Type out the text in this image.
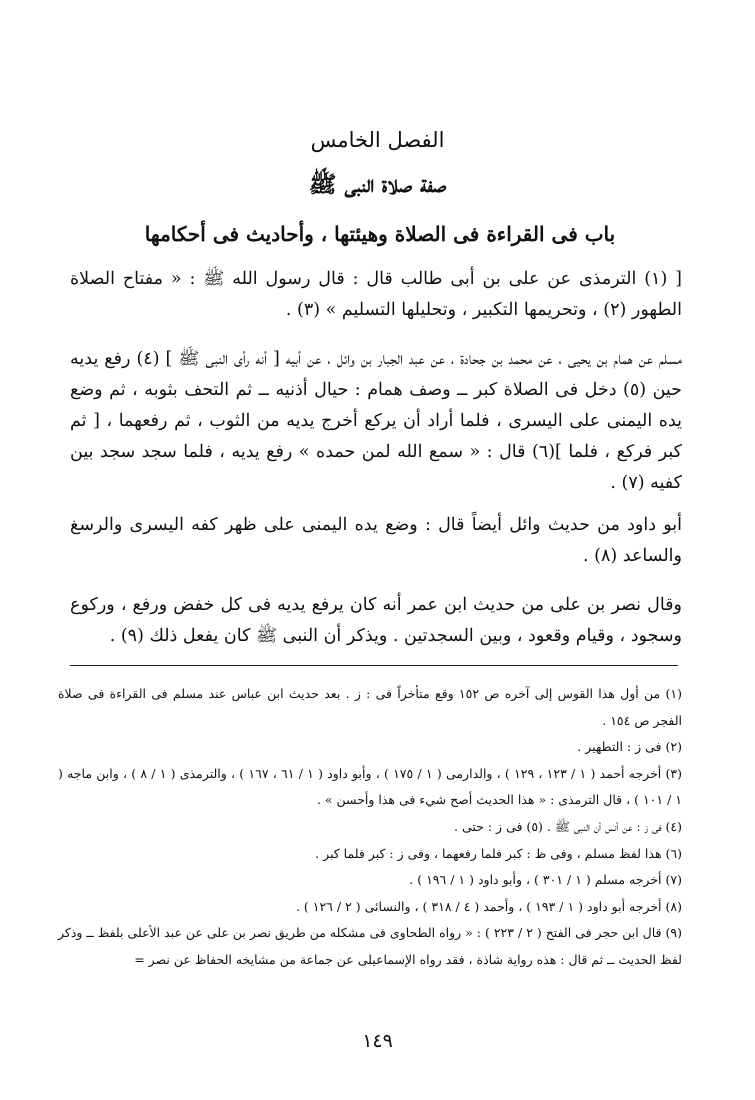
الفصل الخامس
صفة صلاة النبى ﷺ
باب فى القراءة فى الصلاة وهيئتها ، وأحاديث فى أحكامها

[ (١) الترمذى عن على بن أبى طالب قال : قال رسول الله ﷺ : « مفتاح الصلاة الطهور (٢) ، وتحريمها التكبير ، وتحليلها التسليم » (٣) .

مسلم عن همام بن يحيى ، عن محمد بن جحادة ، عن عبد الجبار بن وائل ، عن أبيه [ أنه رأى النبى ﷺ ] (٤) رفع يديه حين (٥) دخل فى الصلاة كبر ــ وصف همام : حيال أذنيه ــ ثم التحف بثوبه ، ثم وضع يده اليمنى على اليسرى ، فلما أراد أن يركع أخرج يديه من الثوب ، ثم رفعهما ، [ ثم كبر فركع ، فلما ](٦) قال : « سمع الله لمن حمده » رفع يديه ، فلما سجد سجد بين كفيه (٧) .

أبو داود من حديث وائل أيضاً قال : وضع يده اليمنى على ظهر كفه اليسرى والرسغ والساعد (٨) .

وقال نصر بن على من حديث ابن عمر أنه كان يرفع يديه فى كل خفض ورفع ، وركوع وسجود ، وقيام وقعود ، وبين السجدتين . ويذكر أن النبى ﷺ كان يفعل ذلك (٩) .

(١) من أول هذا القوس إلى آخره ص ١٥٢ وقع متأخراً فى : ز . بعد حديث ابن عباس عند مسلم فى القراءة فى صلاة الفجر ص ١٥٤ .
(٢) فى ز : التطهير .
(٣) أخرجه أحمد ( ١ / ١٢٣ ، ١٢٩ ) ، والدارمى ( ١ / ١٧٥ ) ، وأبو داود ( ١ / ٦١ ، ١٦٧ ) ، والترمذى ( ١ / ٨ ) ، وابن ماجه ( ١ / ١٠١ ) ، قال الترمذى : « هذا الحديث أصح شيء فى هذا وأحسن » .
(٤) فى ز : عن أنس أن النبى ﷺ . (٥) فى ز : حتى .
(٦) هذا لفظ مسلم ، وفى ظ : كبر فلما رفعهما ، وفى ز : كبر فلما كبر .
(٧) أخرجه مسلم ( ١ / ٣٠١ ) ، وأبو داود ( ١ / ١٩٦ ) .
(٨) أخرجه أبو داود ( ١ / ١٩٣ ) ، وأحمد ( ٤ / ٣١٨ ) ، والنسائى ( ٢ / ١٢٦ ) .
(٩) قال ابن حجر فى الفتح ( ٢ / ٢٢٣ ) : « رواه الطحاوى فى مشكله من طريق نصر بن على عن عبد الأعلى بلفظ ــ وذكر لفظ الحديث ــ ثم قال : هذه رواية شاذة ، فقد رواه الإسماعيلى عن جماعة من مشايخه الحفاظ عن نصر =
١٤٩
